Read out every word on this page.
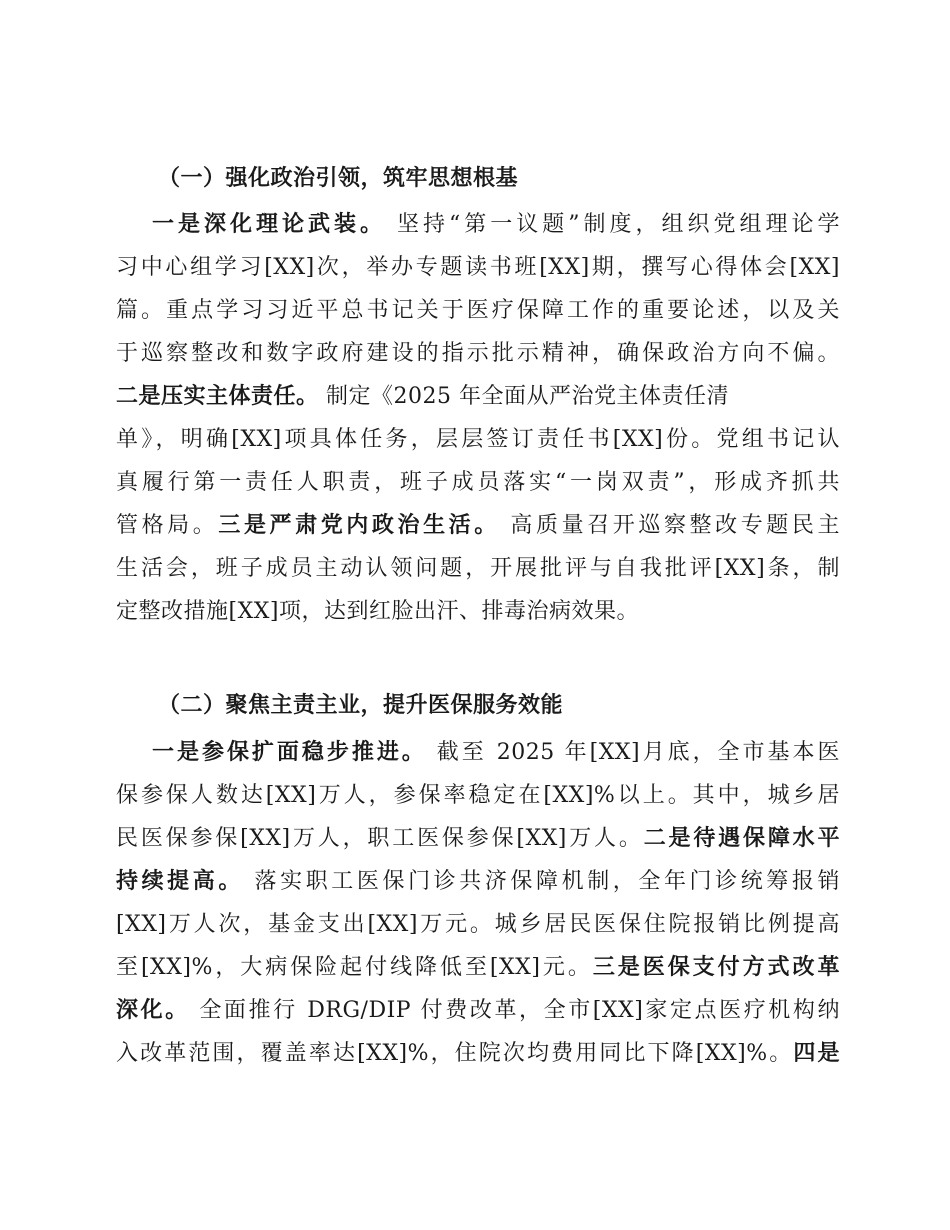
（一）强化政治引领，筑牢思想根基
一是深化理论武装。 坚持“第一议题”制度，组织党组理论学
习中心组学习[XX]次，举办专题读书班[XX]期，撰写心得体会[XX]
篇。重点学习习近平总书记关于医疗保障工作的重要论述，以及关
于巡察整改和数字政府建设的指示批示精神，确保政治方向不偏。
二是压实主体责任。 制定《2025 年全面从严治党主体责任清
单》，明确[XX]项具体任务，层层签订责任书[XX]份。党组书记认
真履行第一责任人职责，班子成员落实“一岗双责”，形成齐抓共
管格局。三是严肃党内政治生活。 高质量召开巡察整改专题民主
生活会，班子成员主动认领问题，开展批评与自我批评[XX]条，制
定整改措施[XX]项，达到红脸出汗、排毒治病效果。
（二）聚焦主责主业，提升医保服务效能
一是参保扩面稳步推进。 截至 2025 年[XX]月底，全市基本医
保参保人数达[XX]万人，参保率稳定在[XX]%以上。其中，城乡居
民医保参保[XX]万人，职工医保参保[XX]万人。二是待遇保障水平
持续提高。 落实职工医保门诊共济保障机制，全年门诊统筹报销
[XX]万人次，基金支出[XX]万元。城乡居民医保住院报销比例提高
至[XX]%，大病保险起付线降低至[XX]元。三是医保支付方式改革
深化。 全面推行 DRG/DIP 付费改革，全市[XX]家定点医疗机构纳
入改革范围，覆盖率达[XX]%，住院次均费用同比下降[XX]%。四是
